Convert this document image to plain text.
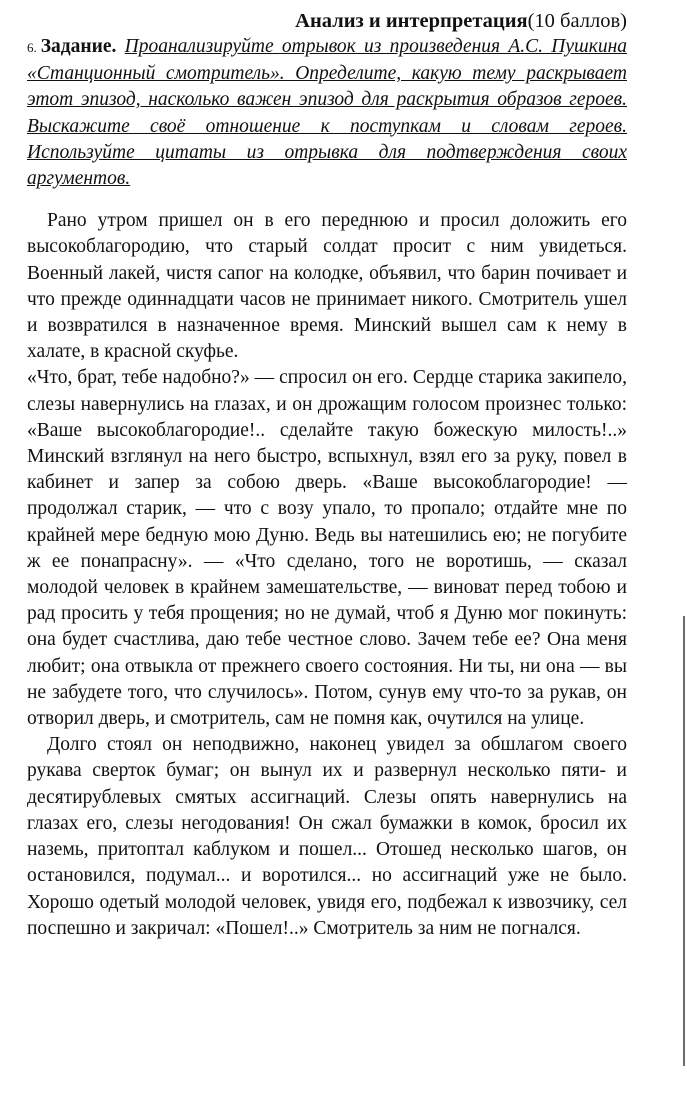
Анализ и интерпретация(10 баллов)
6. Задание. Проанализируйте отрывок из произведения А.С. Пушкина «Станционный смотритель». Определите, какую тему раскрывает этот эпизод, насколько важен эпизод для раскрытия образов героев. Выскажите своё отношение к поступкам и словам героев. Используйте цитаты из отрывка для подтверждения своих аргументов.

Рано утром пришел он в его переднюю и просил доложить его высокоблагородию, что старый солдат просит с ним увидеться. Военный лакей, чистя сапог на колодке, объявил, что барин почивает и что прежде одиннадцати часов не принимает никого. Смотритель ушел и возвратился в назначенное время. Минский вышел сам к нему в халате, в красной скуфье.

«Что, брат, тебе надобно?» — спросил он его. Сердце старика закипело, слезы навернулись на глазах, и он дрожащим голосом произнес только: «Ваше высокоблагородие!.. сделайте такую божескую милость!..» Минский взглянул на него быстро, вспыхнул, взял его за руку, повел в кабинет и запер за собою дверь. «Ваше высокоблагородие! — продолжал старик, — что с возу упало, то пропало; отдайте мне по крайней мере бедную мою Дуню. Ведь вы натешились ею; не погубите ж ее понапрасну». — «Что сделано, того не воротишь, — сказал молодой человек в крайнем замешательстве, — виноват перед тобою и рад просить у тебя прощения; но не думай, чтоб я Дуню мог покинуть: она будет счастлива, даю тебе честное слово. Зачем тебе ее? Она меня любит; она отвыкла от прежнего своего состояния. Ни ты, ни она — вы не забудете того, что случилось». Потом, сунув ему что-то за рукав, он отворил дверь, и смотритель, сам не помня как, очутился на улице.

Долго стоял он неподвижно, наконец увидел за обшлагом своего рукава сверток бумаг; он вынул их и развернул несколько пяти- и десятирублевых смятых ассигнаций. Слезы опять навернулись на глазах его, слезы негодования! Он сжал бумажки в комок, бросил их наземь, притоптал каблуком и пошел... Отошед несколько шагов, он остановился, подумал... и воротился... но ассигнаций уже не было. Хорошо одетый молодой человек, увидя его, подбежал к извозчику, сел поспешно и закричал: «Пошел!..» Смотритель за ним не погнался.
